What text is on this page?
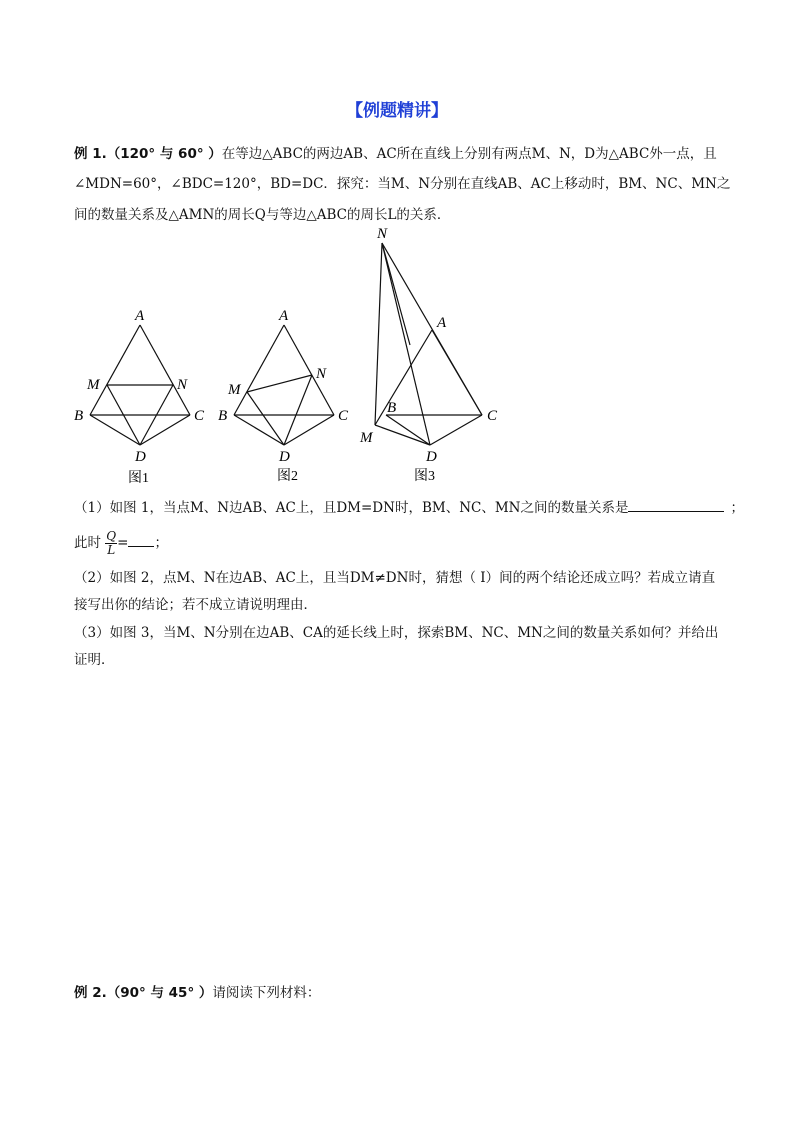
【例题精讲】
例 1.（120° 与 60° ）在等边△ABC的两边AB、AC所在直线上分别有两点M、N，D为△ABC外一点，且
∠MDN=60°，∠BDC=120°，BD=DC．探究：当M、N分别在直线AB、AC上移动时，BM、NC、MN之
间的数量关系及△AMN的周长Q与等边△ABC的周长L的关系．
A
M	N
B	C
D
图1
A
M
N
B	C
D
图2
N
A
B	C
M
D
图3
（1）如图 1，当点M、N边AB、AC上，且DM=DN时，BM、NC、MN之间的数量关系是	；
此时 $\frac{Q}{L}$ = ；
（2）如图 2，点M、N在边AB、AC上，且当DM≠DN时，猜想（ I）间的两个结论还成立吗？若成立请直
接写出你的结论；若不成立请说明理由．
（3）如图 3，当M、N分别在边AB、CA的延长线上时，探索BM、NC、MN之间的数量关系如何？并给出
证明．
例 2.（90° 与 45° ）请阅读下列材料：
